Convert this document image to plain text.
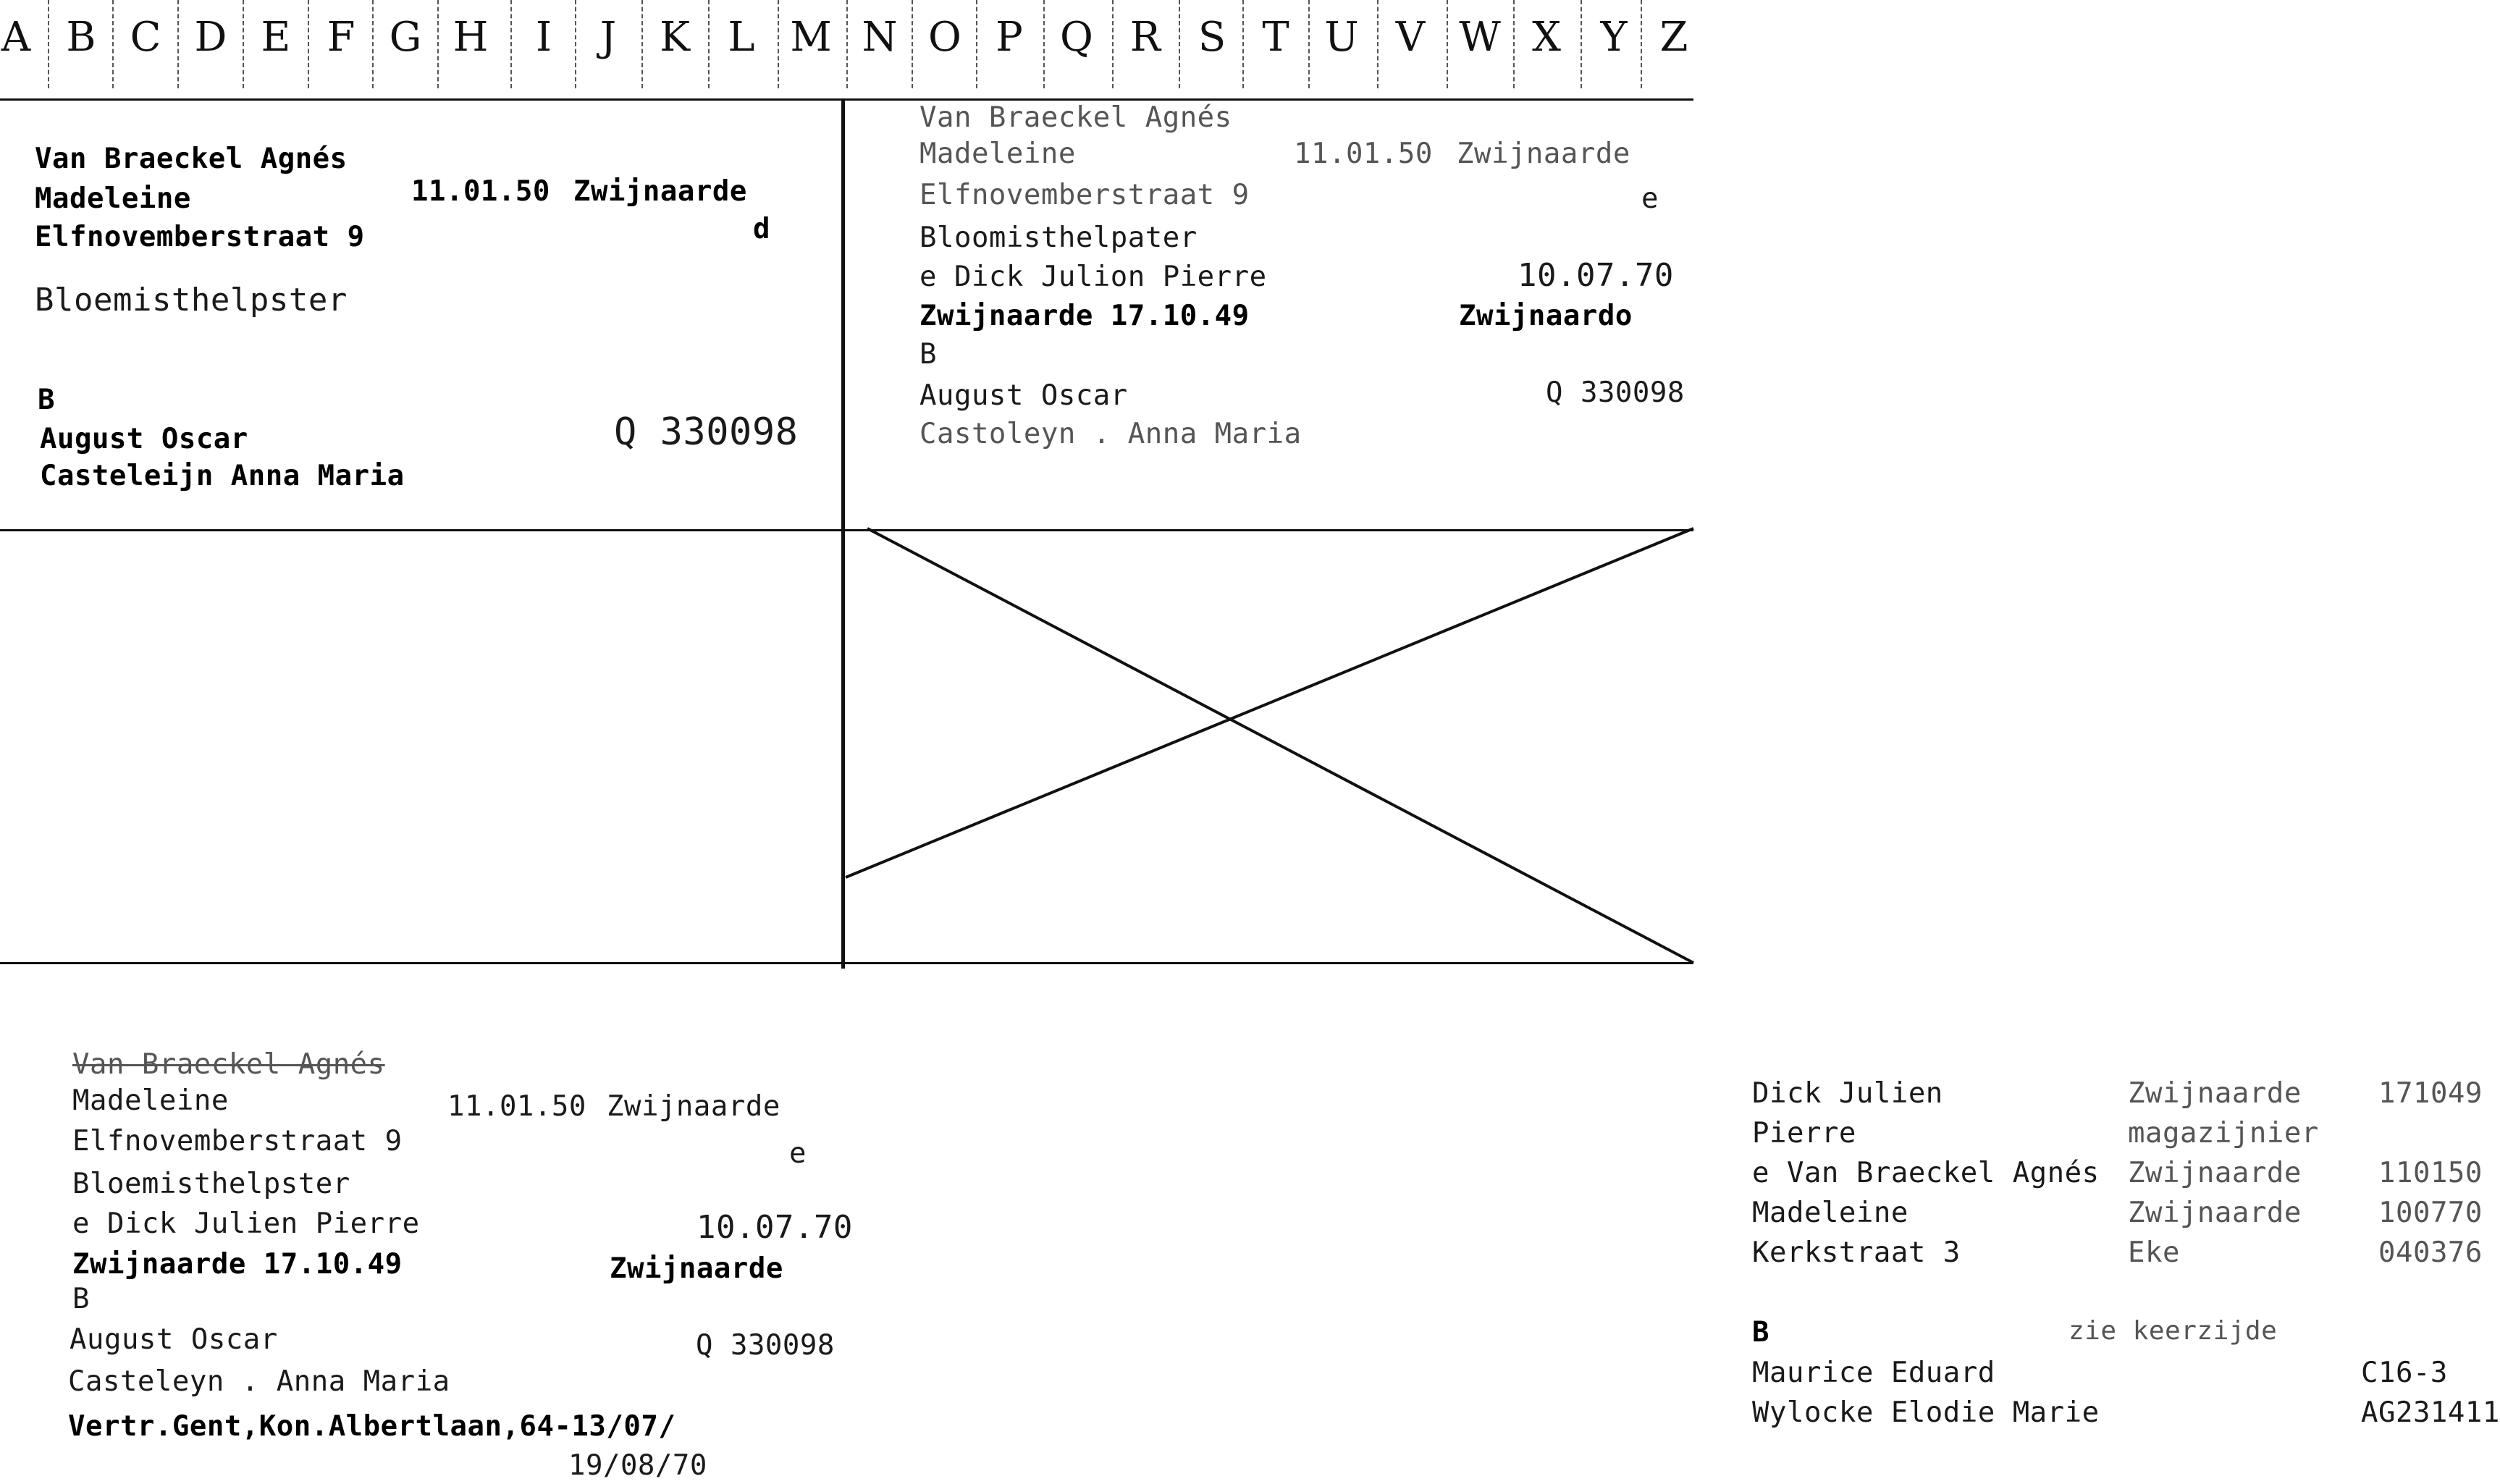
A B C D E F G H	I	J	K L M N O P Q R S T U V W X Y Z
Van Braeckel Agnés
Madeleine	11.01.50 Zwijnaarde
Elfnovemberstraat 9	d
Bloemisthelpster
B
August Oscar	Q 330098
Casteleijn Anna Maria
Van Braeckel Agnés
Madeleine	11.01.50 Zwijnaarde
Elfnovemberstraat 9	e
Bloomisthelpater
e Dick Julion Pierre	10.07.70
Zwijnaarde 17.10.49	Zwijnaardo
B
August Oscar	Q 330098
Castoleyn . Anna Maria
Van Braeckel Agnés
Madeleine	11.01.50 Zwijnaarde
Elfnovemberstraat 9	e
Bloemisthelpster
e Dick Julien Pierre	10.07.70
Zwijnaarde 17.10.49	Zwijnaarde
B
August Oscar	Q 330098
Casteleyn . Anna Maria
Vertr.Gent,Kon.Albertlaan,64-13/07/
19/08/70
Dick Julien	Zwijnaarde	171049
Pierre	magazijnier
e Van Braeckel Agnés Zwijnaarde	110150
Madeleine	Zwijnaarde	100770
Kerkstraat 3	Eke	040376
B	zie keerzijde
Maurice Eduard	C16-3
Wylocke Elodie Marie	AG231411
